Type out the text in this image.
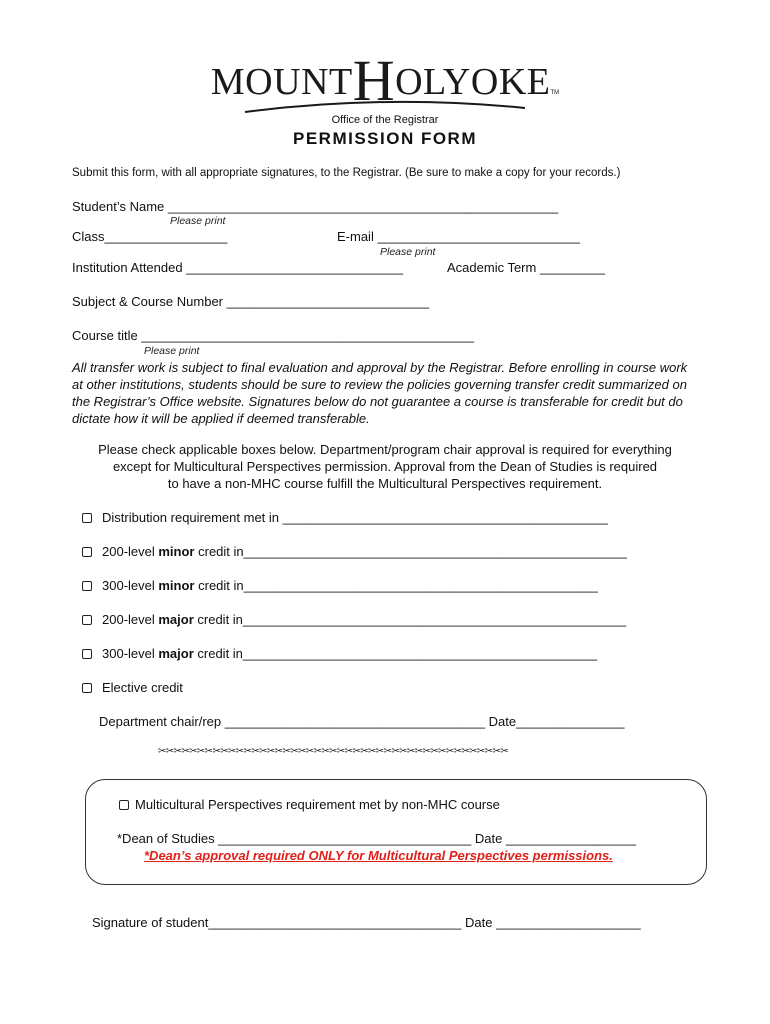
MOUNTHOLYOKETM
Office of the Registrar
PERMISSION FORM
Submit this form, with all appropriate signatures, to the Registrar. (Be sure to make a copy for your records.)
Student’s Name ______________________________________________________
Please print
Class_________________	E-mail ____________________________
Please print
Institution Attended ______________________________	Academic Term _________
Subject & Course Number ____________________________
Course title ______________________________________________
Please print
All transfer work is subject to final evaluation and approval by the Registrar. Before enrolling in course work at other institutions, students should be sure to review the policies governing transfer credit summarized on the Registrar’s Office website. Signatures below do not guarantee a course is transferable for credit but do dictate how it will be applied if deemed transferable.
Please check applicable boxes below. Department/program chair approval is required for everything
except for Multicultural Perspectives permission. Approval from the Dean of Studies is required
to have a non-MHC course fulfill the Multicultural Perspectives requirement.
Distribution requirement met in _____________________________________________
200-level minor credit in_____________________________________________________
300-level minor credit in_________________________________________________
200-level major credit in_____________________________________________________
300-level major credit in_________________________________________________
Elective credit
Department chair/rep ____________________________________ Date_______________
✂✂✂✂✂✂✂✂✂✂✂✂✂✂✂✂✂✂✂✂✂✂✂✂✂✂✂✂✂✂✂✂✂✂✂✂✂✂✂✂✂✂✂✂✂
Multicultural Perspectives requirement met by non-MHC course
*Dean of Studies ___________________________________ Date __________________
*Dean’s approval required ONLY for Multicultural Perspectives permissions.
Signature of student___________________________________ Date ____________________
